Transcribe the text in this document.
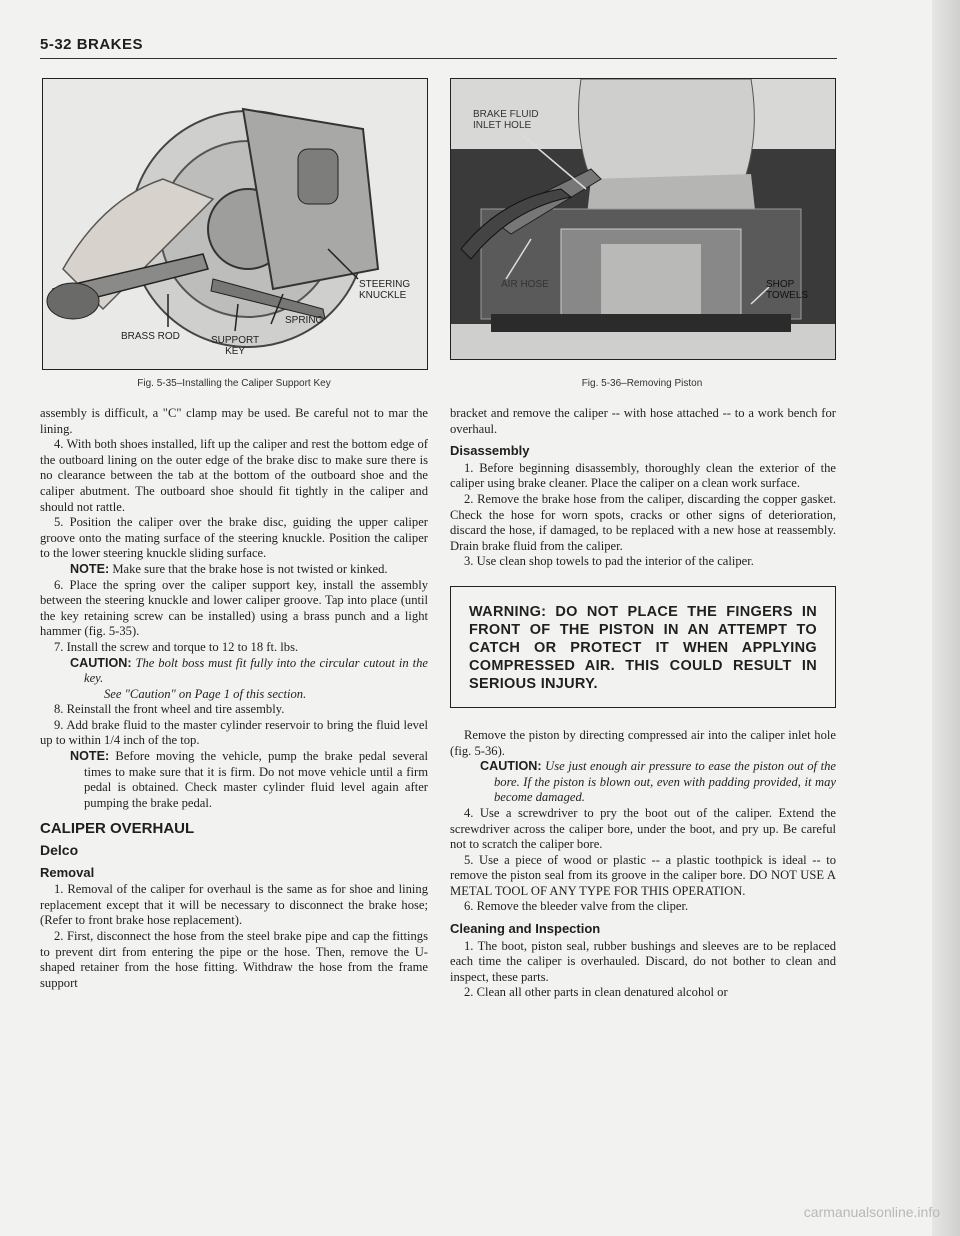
5-32 BRAKES
STEERING
KNUCKLE
SPRING
BRASS ROD	SUPPORT
KEY
Fig. 5-35–Installing the Caliper Support Key
BRAKE FLUID
INLET HOLE
AIR HOSE	SHOP
TOWELS
Fig. 5-36–Removing Piston

assembly is difficult, a "C" clamp may be used. Be careful not to mar the lining.

4. With both shoes installed, lift up the caliper and rest the bottom edge of the outboard lining on the outer edge of the brake disc to make sure there is no clearance between the tab at the bottom of the outboard shoe and the caliper abutment. The outboard shoe should fit tightly in the caliper and should not rattle.

5. Position the caliper over the brake disc, guiding the upper caliper groove onto the mating surface of the steering knuckle. Position the caliper to the lower steering knuckle sliding surface.

NOTE: Make sure that the brake hose is not twisted or kinked.

6. Place the spring over the caliper support key, install the assembly between the steering knuckle and lower caliper groove. Tap into place (until the key retaining screw can be installed) using a brass punch and a light hammer (fig. 5-35).

7. Install the screw and torque to 12 to 18 ft. lbs.

CAUTION: The bolt boss must fit fully into the circular cutout in the key.

See "Caution" on Page 1 of this section.

8. Reinstall the front wheel and tire assembly.

9. Add brake fluid to the master cylinder reservoir to bring the fluid level up to within 1/4 inch of the top.

NOTE: Before moving the vehicle, pump the brake pedal several times to make sure that it is firm. Do not move vehicle until a firm pedal is obtained. Check master cylinder fluid level again after pumping the brake pedal.

CALIPER OVERHAUL
Delco
Removal

1. Removal of the caliper for overhaul is the same as for shoe and lining replacement except that it will be necessary to disconnect the brake hose; (Refer to front brake hose replacement).

2. First, disconnect the hose from the steel brake pipe and cap the fittings to prevent dirt from entering the pipe or the hose. Then, remove the U-shaped retainer from the hose fitting. Withdraw the hose from the frame support

bracket and remove the caliper -- with hose attached -- to a work bench for overhaul.

Disassembly

1. Before beginning disassembly, thoroughly clean the exterior of the caliper using brake cleaner. Place the caliper on a clean work surface.

2. Remove the brake hose from the caliper, discarding the copper gasket. Check the hose for worn spots, cracks or other signs of deterioration, discard the hose, if damaged, to be replaced with a new hose at reassembly. Drain brake fluid from the caliper.

3. Use clean shop towels to pad the interior of the caliper.

WARNING: DO NOT PLACE THE FINGERS IN FRONT OF THE PISTON IN AN ATTEMPT TO CATCH OR PROTECT IT WHEN APPLYING COMPRESSED AIR. THIS COULD RESULT IN SERIOUS INJURY.

Remove the piston by directing compressed air into the caliper inlet hole (fig. 5-36).

CAUTION: Use just enough air pressure to ease the piston out of the bore. If the piston is blown out, even with padding provided, it may become damaged.

4. Use a screwdriver to pry the boot out of the caliper. Extend the screwdriver across the caliper bore, under the boot, and pry up. Be careful not to scratch the caliper bore.

5. Use a piece of wood or plastic -- a plastic toothpick is ideal -- to remove the piston seal from its groove in the caliper bore. DO NOT USE A METAL TOOL OF ANY TYPE FOR THIS OPERATION.

6. Remove the bleeder valve from the cliper.

Cleaning and Inspection

1. The boot, piston seal, rubber bushings and sleeves are to be replaced each time the caliper is overhauled. Discard, do not bother to clean and inspect, these parts.

2. Clean all other parts in clean denatured alcohol or

carmanualsonline.info
